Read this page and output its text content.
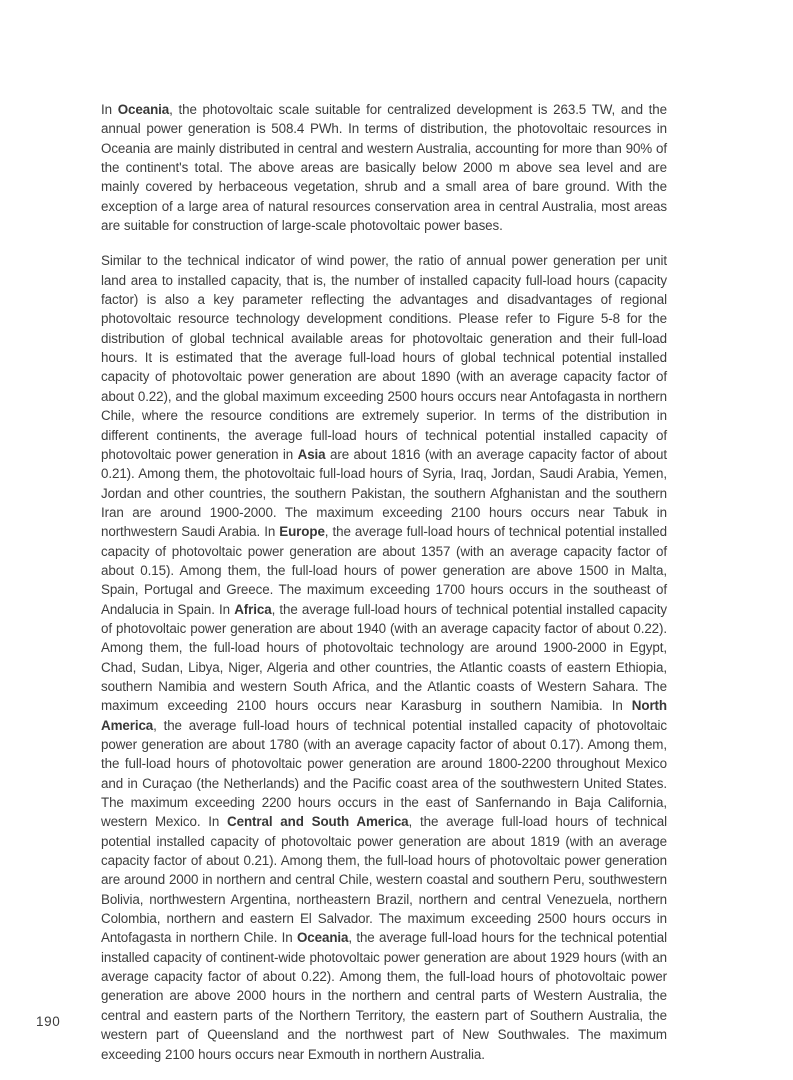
In Oceania, the photovoltaic scale suitable for centralized development is 263.5 TW, and the annual power generation is 508.4 PWh. In terms of distribution, the photovoltaic resources in Oceania are mainly distributed in central and western Australia, accounting for more than 90% of the continent's total. The above areas are basically below 2000 m above sea level and are mainly covered by herbaceous vegetation, shrub and a small area of bare ground. With the exception of a large area of natural resources conservation area in central Australia, most areas are suitable for construction of large-scale photovoltaic power bases.

Similar to the technical indicator of wind power, the ratio of annual power generation per unit land area to installed capacity, that is, the number of installed capacity full-load hours (capacity factor) is also a key parameter reflecting the advantages and disadvantages of regional photovoltaic resource technology development conditions. Please refer to Figure 5-8 for the distribution of global technical available areas for photovoltaic generation and their full-load hours. It is estimated that the average full-load hours of global technical potential installed capacity of photovoltaic power generation are about 1890 (with an average capacity factor of about 0.22), and the global maximum exceeding 2500 hours occurs near Antofagasta in northern Chile, where the resource conditions are extremely superior. In terms of the distribution in different continents, the average full-load hours of technical potential installed capacity of photovoltaic power generation in Asia are about 1816 (with an average capacity factor of about 0.21). Among them, the photovoltaic full-load hours of Syria, Iraq, Jordan, Saudi Arabia, Yemen, Jordan and other countries, the southern Pakistan, the southern Afghanistan and the southern Iran are around 1900-2000. The maximum exceeding 2100 hours occurs near Tabuk in northwestern Saudi Arabia. In Europe, the average full-load hours of technical potential installed capacity of photovoltaic power generation are about 1357 (with an average capacity factor of about 0.15). Among them, the full-load hours of power generation are above 1500 in Malta, Spain, Portugal and Greece. The maximum exceeding 1700 hours occurs in the southeast of Andalucia in Spain. In Africa, the average full-load hours of technical potential installed capacity of photovoltaic power generation are about 1940 (with an average capacity factor of about 0.22). Among them, the full-load hours of photovoltaic technology are around 1900-2000 in Egypt, Chad, Sudan, Libya, Niger, Algeria and other countries, the Atlantic coasts of eastern Ethiopia, southern Namibia and western South Africa, and the Atlantic coasts of Western Sahara. The maximum exceeding 2100 hours occurs near Karasburg in southern Namibia. In North America, the average full-load hours of technical potential installed capacity of photovoltaic power generation are about 1780 (with an average capacity factor of about 0.17). Among them, the full-load hours of photovoltaic power generation are around 1800-2200 throughout Mexico and in Curaçao (the Netherlands) and the Pacific coast area of the southwestern United States. The maximum exceeding 2200 hours occurs in the east of Sanfernando in Baja California, western Mexico. In Central and South America, the average full-load hours of technical potential installed capacity of photovoltaic power generation are about 1819 (with an average capacity factor of about 0.21). Among them, the full-load hours of photovoltaic power generation are around 2000 in northern and central Chile, western coastal and southern Peru, southwestern Bolivia, northwestern Argentina, northeastern Brazil, northern and central Venezuela, northern Colombia, northern and eastern El Salvador. The maximum exceeding 2500 hours occurs in Antofagasta in northern Chile. In Oceania, the average full-load hours for the technical potential installed capacity of continent-wide photovoltaic power generation are about 1929 hours (with an average capacity factor of about 0.22). Among them, the full-load hours of photovoltaic power generation are above 2000 hours in the northern and central parts of Western Australia, the central and eastern parts of the Northern Territory, the eastern part of Southern Australia, the western part of Queensland and the northwest part of New Southwales. The maximum exceeding 2100 hours occurs near Exmouth in northern Australia.

190
